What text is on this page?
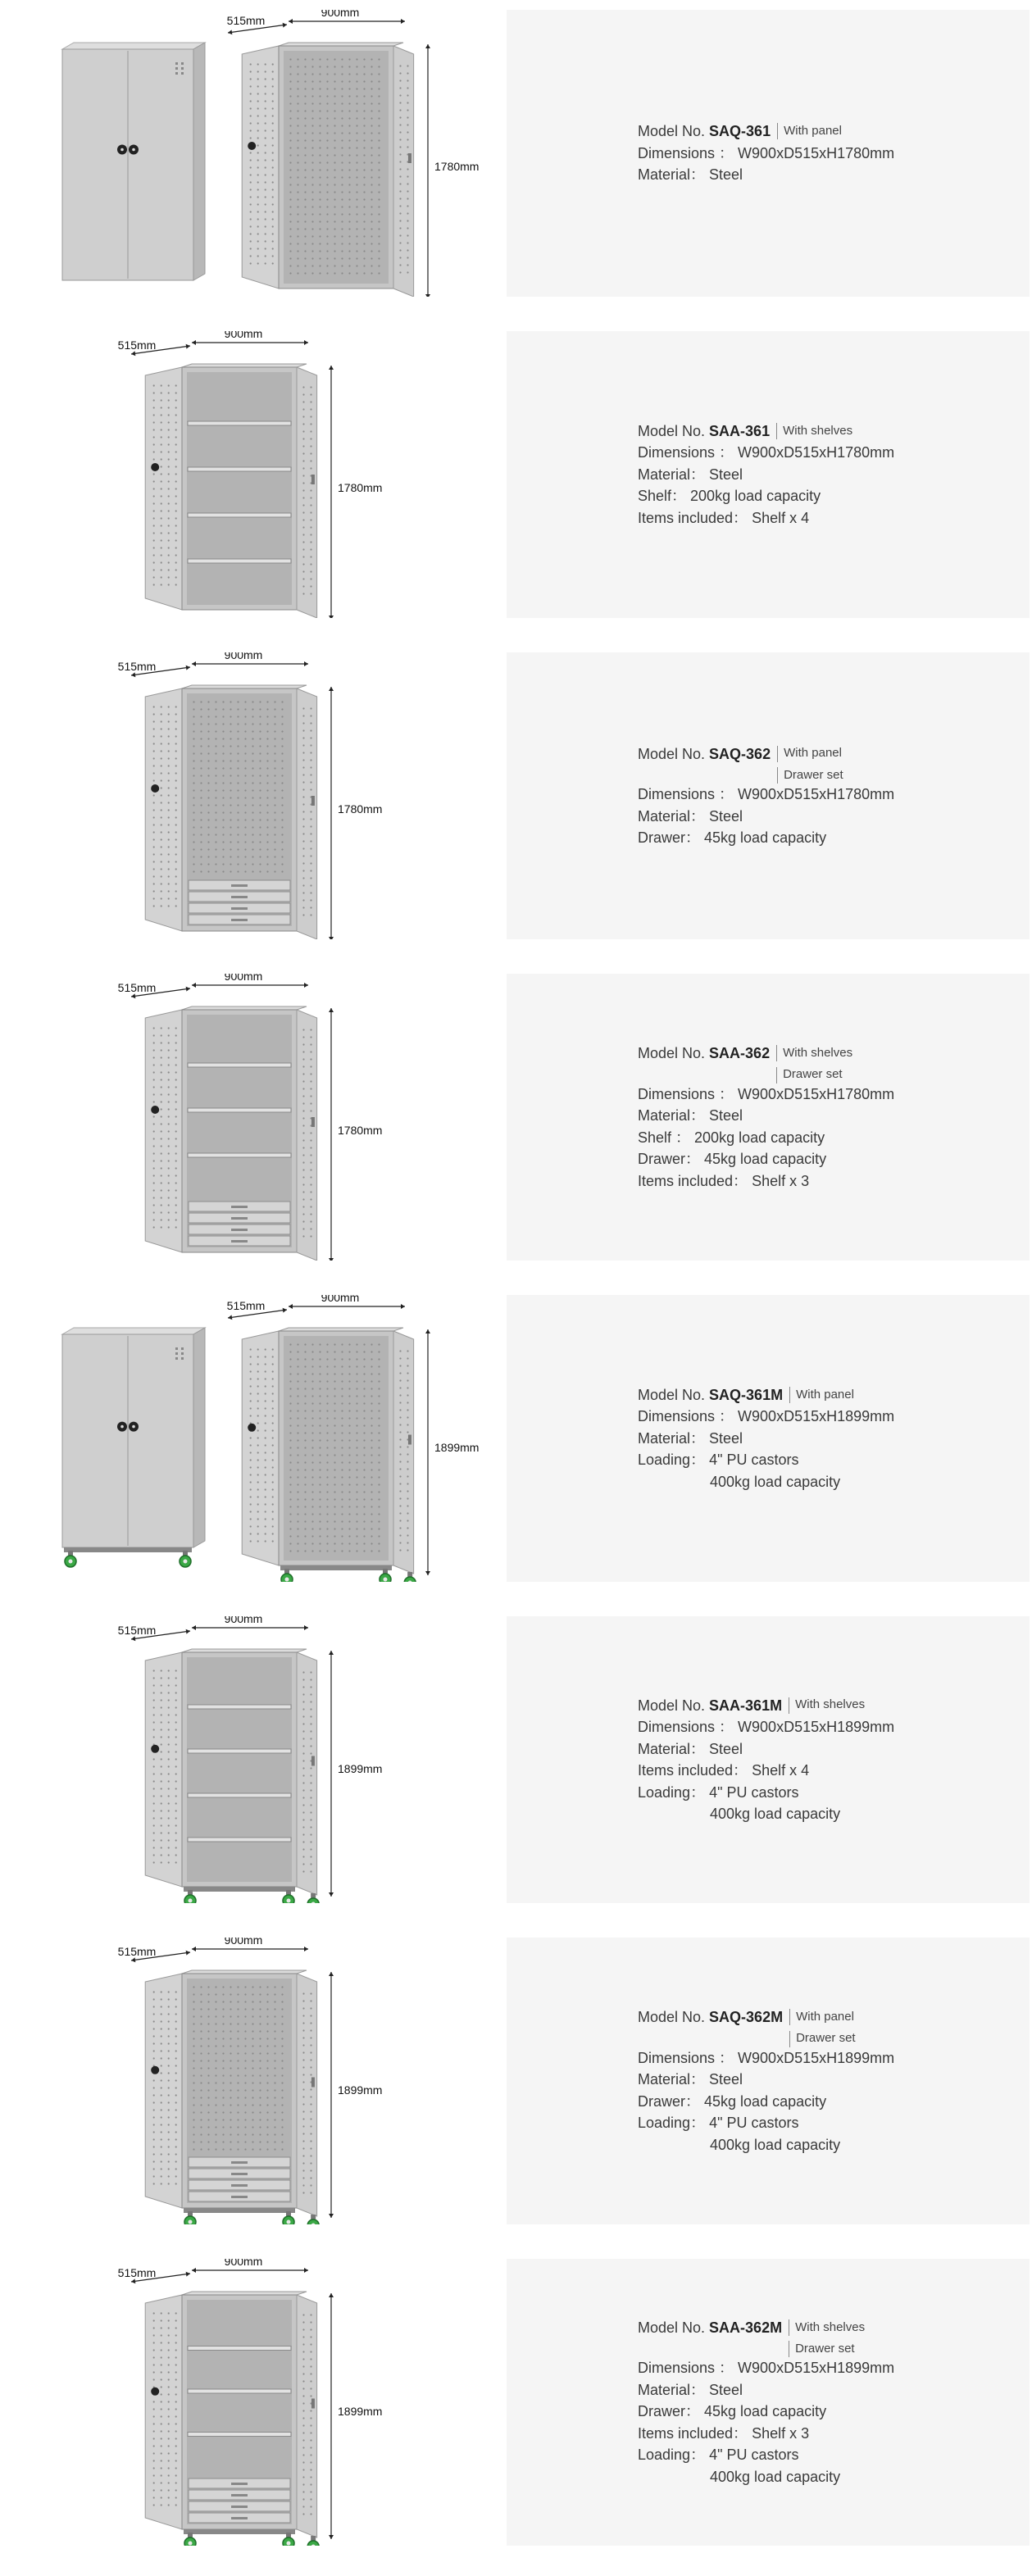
515mm
900mm
1780mm
Model No. SAQ-361	With panel
Dimensions ： W900xD515xH1780mm
Material： Steel
515mm
900mm
1780mm
Model No. SAA-361	With shelves
Dimensions ： W900xD515xH1780mm
Material： Steel
Shelf： 200kg load capacity
Items included： Shelf x 4
515mm
900mm
1780mm
Model No. SAQ-362	With panel
Drawer set
Dimensions ： W900xD515xH1780mm
Material： Steel
Drawer： 45kg load capacity
515mm
900mm
1780mm
Model No. SAA-362	With shelves
Drawer set
Dimensions ： W900xD515xH1780mm
Material： Steel
Shelf ： 200kg load capacity
Drawer： 45kg load capacity
Items included： Shelf x 3
515mm
900mm
1899mm
Model No. SAQ-361M	With panel
Dimensions ： W900xD515xH1899mm
Material： Steel
Loading： 4" PU castors
400kg load capacity
515mm
900mm
1899mm
Model No. SAA-361M	With shelves
Dimensions ： W900xD515xH1899mm
Material： Steel
Items included： Shelf x 4
Loading： 4" PU castors
400kg load capacity
515mm
900mm
1899mm
Model No. SAQ-362M	With panel
Drawer set
Dimensions ： W900xD515xH1899mm
Material： Steel
Drawer： 45kg load capacity
Loading： 4" PU castors
400kg load capacity
515mm
900mm
1899mm
Model No. SAA-362M	With shelves
Drawer set
Dimensions ： W900xD515xH1899mm
Material： Steel
Drawer： 45kg load capacity
Items included： Shelf x 3
Loading： 4" PU castors
400kg load capacity
